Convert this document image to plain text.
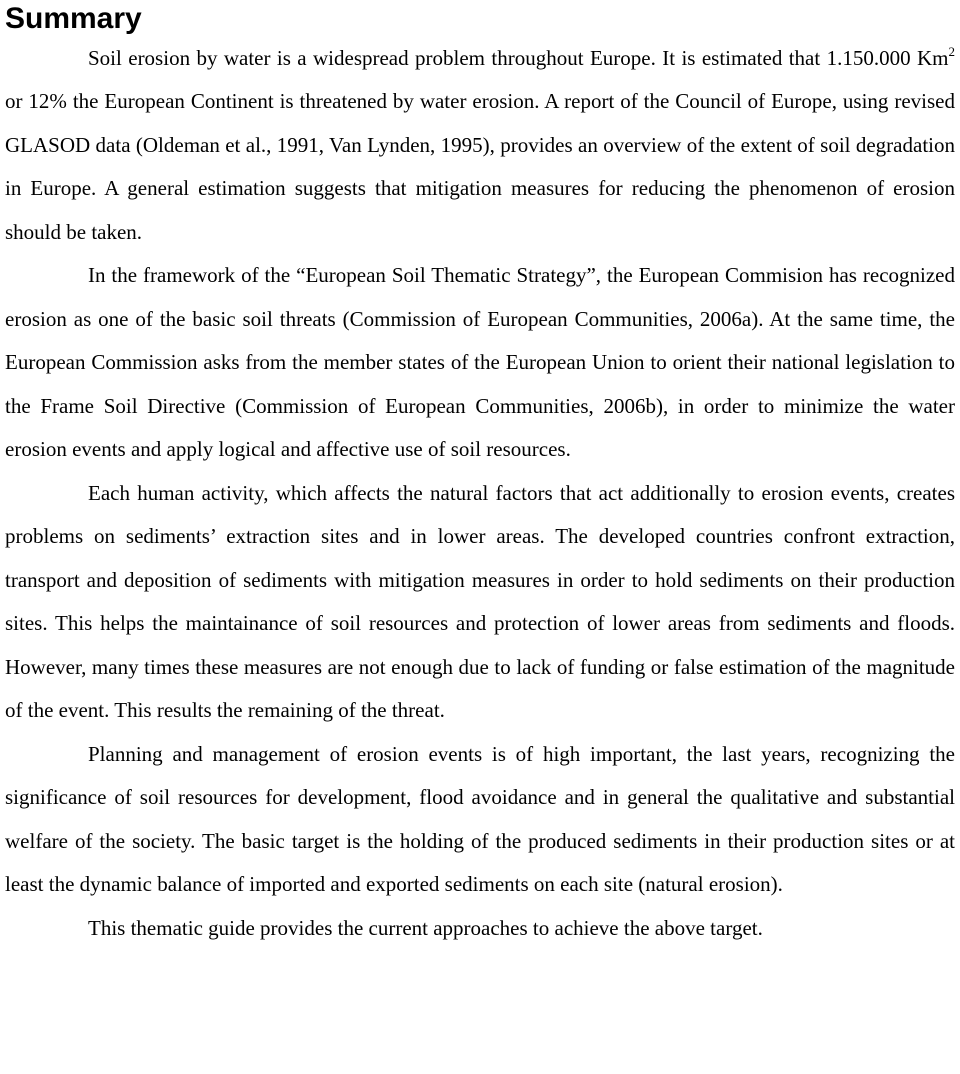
Summary

Soil erosion by water is a widespread problem throughout Europe. It is estimated that 1.150.000 Km$^2$ or 12% the European Continent is threatened by water erosion. A report of the Council of Europe, using revised GLASOD data (Oldeman et al., 1991, Van Lynden, 1995), provides an overview of the extent of soil degradation in Europe. A general estimation suggests that mitigation measures for reducing the phenomenon of erosion should be taken.

In the framework of the “European Soil Thematic Strategy”, the European Commision has recognized erosion as one of the basic soil threats (Commission of European Communities, 2006a). At the same time, the European Commission asks from the member states of the European Union to orient their national legislation to the Frame Soil Directive (Commission of European Communities, 2006b), in order to minimize the water erosion events and apply logical and affective use of soil resources.

Each human activity, which affects the natural factors that act additionally to erosion events, creates problems on sediments’ extraction sites and in lower areas. The developed countries confront extraction, transport and deposition of sediments with mitigation measures in order to hold sediments on their production sites. This helps the maintainance of soil resources and protection of lower areas from sediments and floods. However, many times these measures are not enough due to lack of funding or false estimation of the magnitude of the event. This results the remaining of the threat.

Planning and management of erosion events is of high important, the last years, recognizing the significance of soil resources for development, flood avoidance and in general the qualitative and substantial welfare of the society. The basic target is the holding of the produced sediments in their production sites or at least the dynamic balance of imported and exported sediments on each site (natural erosion).

This thematic guide provides the current approaches to achieve the above target.
